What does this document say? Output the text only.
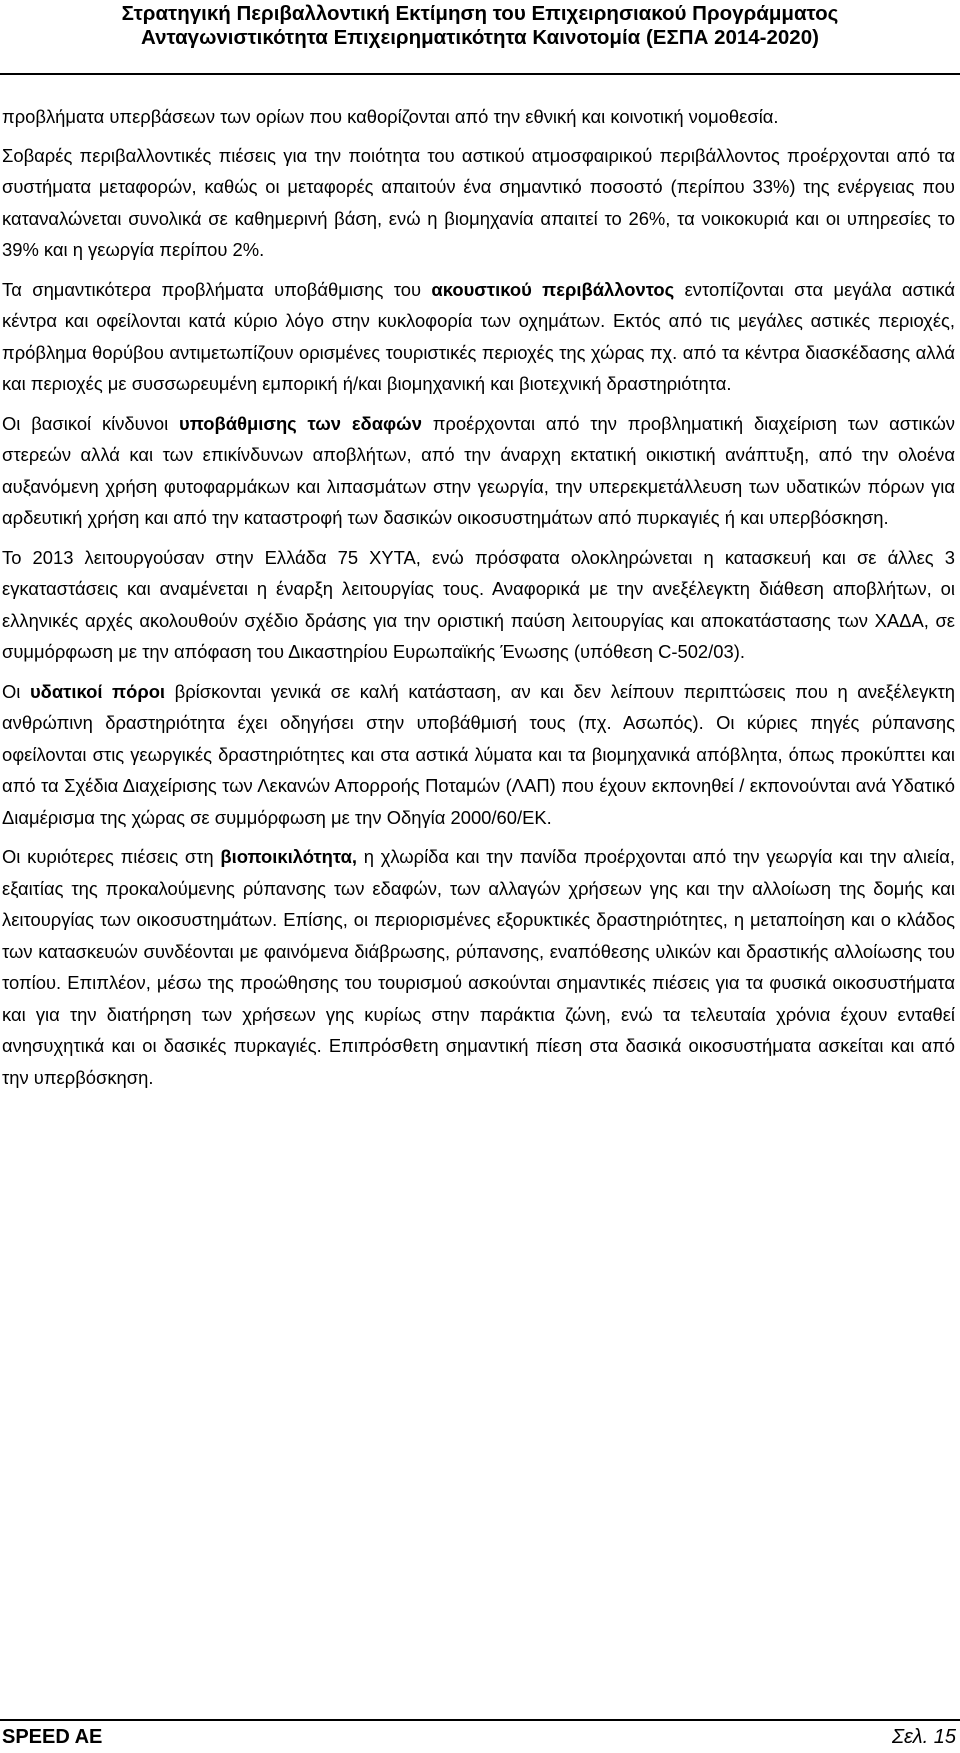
Στρατηγική Περιβαλλοντική Εκτίμηση του Επιχειρησιακού Προγράμματος
Ανταγωνιστικότητα Επιχειρηματικότητα Καινοτομία (ΕΣΠΑ 2014-2020)

προβλήματα υπερβάσεων των ορίων που καθορίζονται από την εθνική και κοινοτική νομοθεσία.

Σοβαρές περιβαλλοντικές πιέσεις για την ποιότητα του αστικού ατμοσφαιρικού περιβάλλοντος προέρχονται από τα συστήματα μεταφορών, καθώς οι μεταφορές απαιτούν ένα σημαντικό ποσοστό (περίπου 33%) της ενέργειας που καταναλώνεται συνολικά σε καθημερινή βάση, ενώ η βιομηχανία απαιτεί το 26%, τα νοικοκυριά και οι υπηρεσίες το 39% και η γεωργία περίπου 2%.

Τα σημαντικότερα προβλήματα υποβάθμισης του ακουστικού περιβάλλοντος εντοπίζονται στα μεγάλα αστικά κέντρα και οφείλονται κατά κύριο λόγο στην κυκλοφορία των οχημάτων. Εκτός από τις μεγάλες αστικές περιοχές, πρόβλημα θορύβου αντιμετωπίζουν ορισμένες τουριστικές περιοχές της χώρας πχ. από τα κέντρα διασκέδασης αλλά και περιοχές με συσσωρευμένη εμπορική ή/και βιομηχανική και βιοτεχνική δραστηριότητα.

Οι βασικοί κίνδυνοι υποβάθμισης των εδαφών προέρχονται από την προβληματική διαχείριση των αστικών στερεών αλλά και των επικίνδυνων αποβλήτων, από την άναρχη εκτατική οικιστική ανάπτυξη, από την ολοένα αυξανόμενη χρήση φυτοφαρμάκων και λιπασμάτων στην γεωργία, την υπερεκμετάλλευση των υδατικών πόρων για αρδευτική χρήση και από την καταστροφή των δασικών οικοσυστημάτων από πυρκαγιές ή και υπερβόσκηση.

Το 2013 λειτουργούσαν στην Ελλάδα 75 ΧΥΤΑ, ενώ πρόσφατα ολοκληρώνεται η κατασκευή και σε άλλες 3 εγκαταστάσεις και αναμένεται η έναρξη λειτουργίας τους. Αναφορικά με την ανεξέλεγκτη διάθεση αποβλήτων, οι ελληνικές αρχές ακολουθούν σχέδιο δράσης για την οριστική παύση λειτουργίας και αποκατάστασης των ΧΑΔΑ, σε συμμόρφωση με την απόφαση του Δικαστηρίου Ευρωπαϊκής Ένωσης (υπόθεση C-502/03).

Οι υδατικοί πόροι βρίσκονται γενικά σε καλή κατάσταση, αν και δεν λείπουν περιπτώσεις που η ανεξέλεγκτη ανθρώπινη δραστηριότητα έχει οδηγήσει στην υποβάθμισή τους (πχ. Ασωπός). Οι κύριες πηγές ρύπανσης οφείλονται στις γεωργικές δραστηριότητες και στα αστικά λύματα και τα βιομηχανικά απόβλητα, όπως προκύπτει και από τα Σχέδια Διαχείρισης των Λεκανών Απορροής Ποταμών (ΛΑΠ) που έχουν εκπονηθεί / εκπονούνται ανά Υδατικό Διαμέρισμα της χώρας σε συμμόρφωση με την Οδηγία 2000/60/ΕΚ.

Οι κυριότερες πιέσεις στη βιοποικιλότητα, η χλωρίδα και την πανίδα προέρχονται από την γεωργία και την αλιεία, εξαιτίας της προκαλούμενης ρύπανσης των εδαφών, των αλλαγών χρήσεων γης και την αλλοίωση της δομής και λειτουργίας των οικοσυστημάτων. Επίσης, οι περιορισμένες εξορυκτικές δραστηριότητες, η μεταποίηση και ο κλάδος των κατασκευών συνδέονται με φαινόμενα διάβρωσης, ρύπανσης, εναπόθεσης υλικών και δραστικής αλλοίωσης του τοπίου. Επιπλέον, μέσω της προώθησης του τουρισμού ασκούνται σημαντικές πιέσεις για τα φυσικά οικοσυστήματα και για την διατήρηση των χρήσεων γης κυρίως στην παράκτια ζώνη, ενώ τα τελευταία χρόνια έχουν ενταθεί ανησυχητικά και οι δασικές πυρκαγιές. Επιπρόσθετη σημαντική πίεση στα δασικά οικοσυστήματα ασκείται και από την υπερβόσκηση.

SPEED AE	Σελ. 15
